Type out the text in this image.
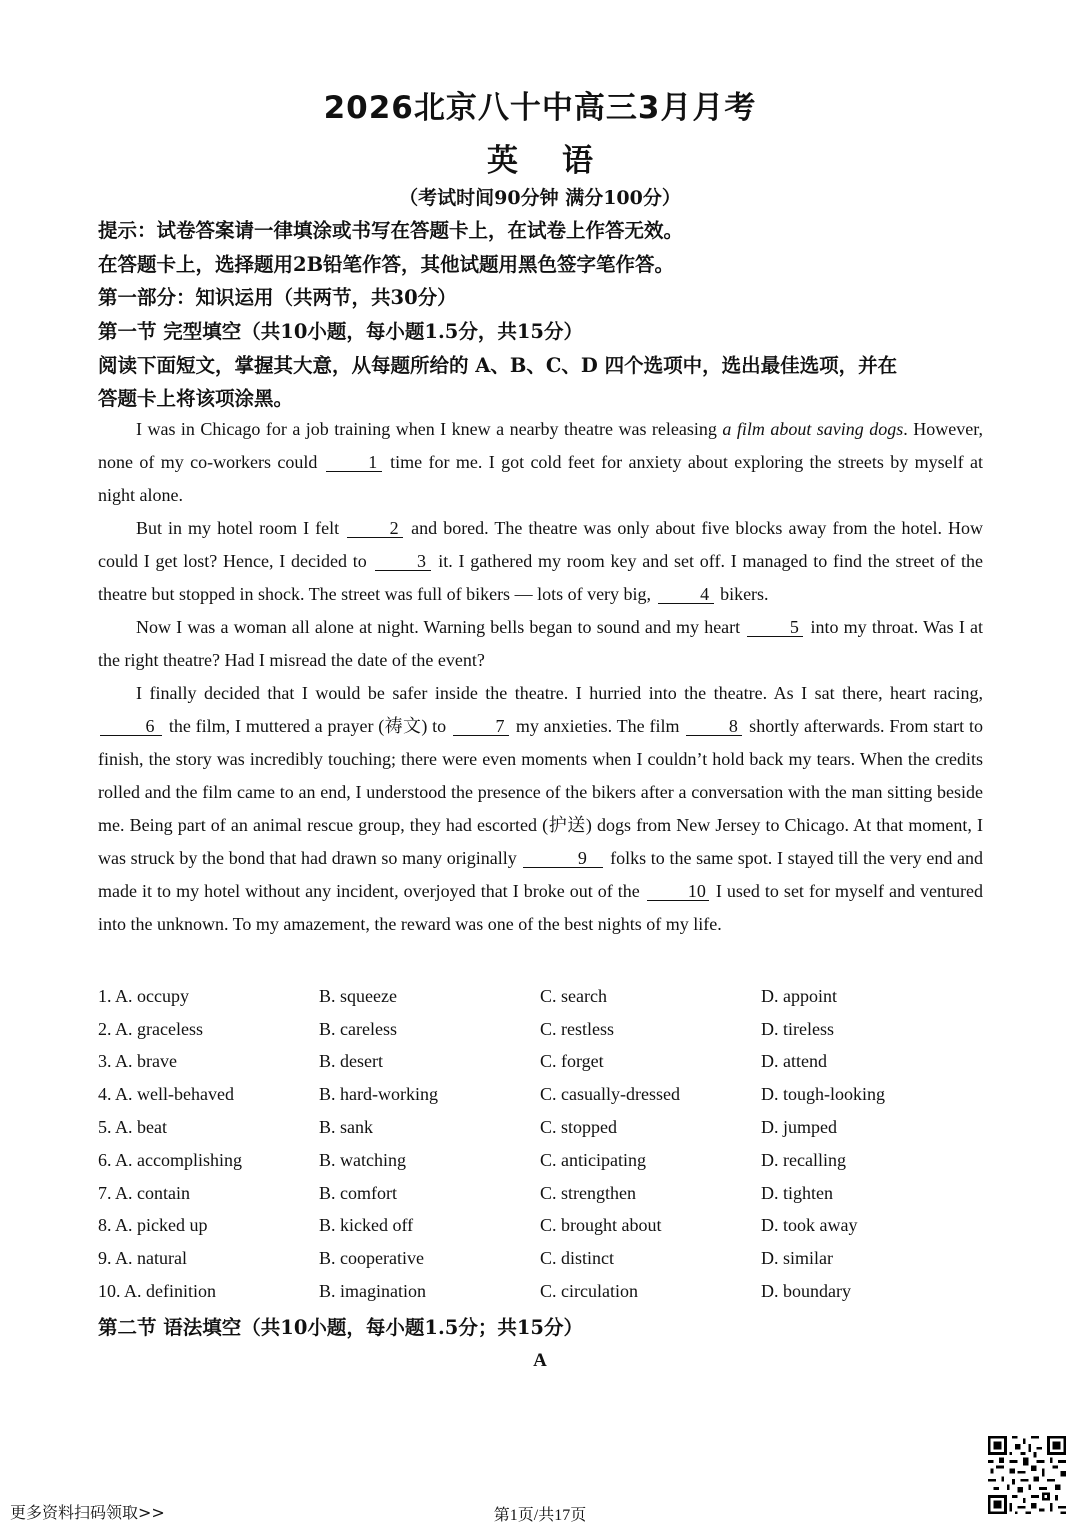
2026北京八十中高三3月月考
英 语
（考试时间90分钟 满分100分）
提示：试卷答案请一律填涂或书写在答题卡上，在试卷上作答无效。
在答题卡上，选择题用2B铅笔作答，其他试题用黑色签字笔作答。
第一部分：知识运用（共两节，共30分）
第一节 完型填空（共10小题，每小题1.5分，共15分）
阅读下面短文，掌握其大意，从每题所给的 A、B、C、D 四个选项中，选出最佳选项，并在
答题卡上将该项涂黑。

I was in Chicago for a job training when I knew a nearby theatre was releasing a film about saving dogs. However, none of my co-workers could 1 time for me. I got cold feet for anxiety about exploring the streets by myself at night alone.

But in my hotel room I felt 2 and bored. The theatre was only about five blocks away from the hotel. How could I get lost? Hence, I decided to 3 it. I gathered my room key and set off. I managed to find the street of the theatre but stopped in shock. The street was full of bikers — lots of very big, 4 bikers.

Now I was a woman all alone at night. Warning bells began to sound and my heart 5 into my throat. Was I at the right theatre? Had I misread the date of the event?

I finally decided that I would be safer inside the theatre. I hurried into the theatre. As I sat there, heart racing, 6 the film, I muttered a prayer (祷文) to 7 my anxieties. The film 8 shortly afterwards. From start to finish, the story was incredibly touching; there were even moments when I couldn’t hold back my tears. When the credits rolled and the film came to an end, I understood the presence of the bikers after a conversation with the man sitting beside me. Being part of an animal rescue group, they had escorted (护送) dogs from New Jersey to Chicago. At that moment, I was struck by the bond that had drawn so many originally	9 folks to the same spot. I stayed till the very end and made it to my hotel without any incident, overjoyed that I broke out of the 10 I used to set for myself and ventured into the unknown. To my amazement, the reward was one of the best nights of my life.

1. A. occupy	B. squeeze	C. search	D. appoint
2. A. graceless	B. careless	C. restless	D. tireless
3. A. brave	B. desert	C. forget	D. attend
4. A. well-behaved	B. hard-working	C. casually-dressed	D. tough-looking
5. A. beat	B. sank	C. stopped	D. jumped
6. A. accomplishing	B. watching	C. anticipating	D. recalling
7. A. contain	B. comfort	C. strengthen	D. tighten
8. A. picked up	B. kicked off	C. brought about	D. took away
9. A. natural	B. cooperative	C. distinct	D. similar
10. A. definition	B. imagination	C. circulation	D. boundary
第二节 语法填空（共10小题，每小题1.5分；共15分）
A
更多资料扫码领取>>	第1页/共17页
